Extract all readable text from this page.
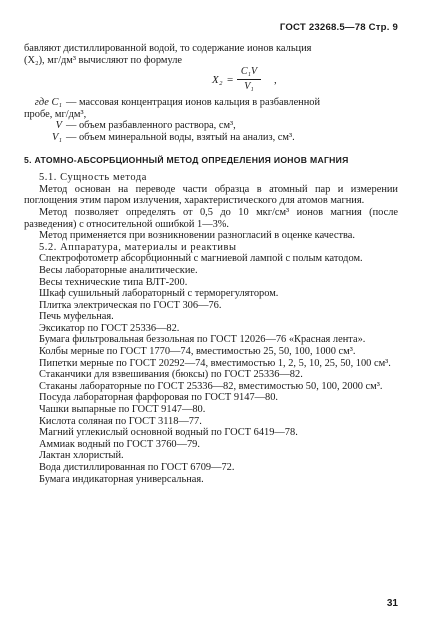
ГОСТ 23268.5—78 Стр. 9

бавляют дистиллированной водой, то содержание ионов кальция

(X₂), мг/дм³ вычисляют по формуле

X₂ =
C₁V
V₁
,
где C₁ — массовая концентрация ионов кальция в разбавленной
пробе, мг/дм³,
V — объем разбавленного раствора, см³,
V₁ — объем минеральной воды, взятый на анализ, см³.
5. АТОМНО-АБСОРБЦИОННЫЙ МЕТОД ОПРЕДЕЛЕНИЯ ИОНОВ МАГНИЯ

5.1. Сущность метода

Метод основан на переводе части образца в атомный пар и измерении поглощения этим паром излучения, характеристического для атомов магния.

Метод позволяет определять от 0,5 до 10 мкг/см³ ионов магния (после разведения) с относительной ошибкой 1—3%.

Метод применяется при возникновении разногласий в оценке качества.

5.2. Аппаратура, материалы и реактивы

Спектрофотометр абсорбционный с магниевой лампой с полым катодом.

Весы лабораторные аналитические.

Весы технические типа ВЛТ-200.

Шкаф сушильный лабораторный с терморегулятором.

Плитка электрическая по ГОСТ 306—76.

Печь муфельная.

Эксикатор по ГОСТ 25336—82.

Бумага фильтровальная беззольная по ГОСТ 12026—76 «Красная лента».

Колбы мерные по ГОСТ 1770—74, вместимостью 25, 50, 100, 1000 см³.

Пипетки мерные по ГОСТ 20292—74, вместимостью 1, 2, 5, 10, 25, 50, 100 см³.

Стаканчики для взвешивания (бюксы) по ГОСТ 25336—82.

Стаканы лабораторные по ГОСТ 25336—82, вместимостью 50, 100, 2000 см³.

Посуда лабораторная фарфоровая по ГОСТ 9147—80.

Чашки выпарные по ГОСТ 9147—80.

Кислота соляная по ГОСТ 3118—77.

Магний углекислый основной водный по ГОСТ 6419—78.

Аммиак водный по ГОСТ 3760—79.

Лактан хлористый.

Вода дистиллированная по ГОСТ 6709—72.

Бумага индикаторная универсальная.

31
